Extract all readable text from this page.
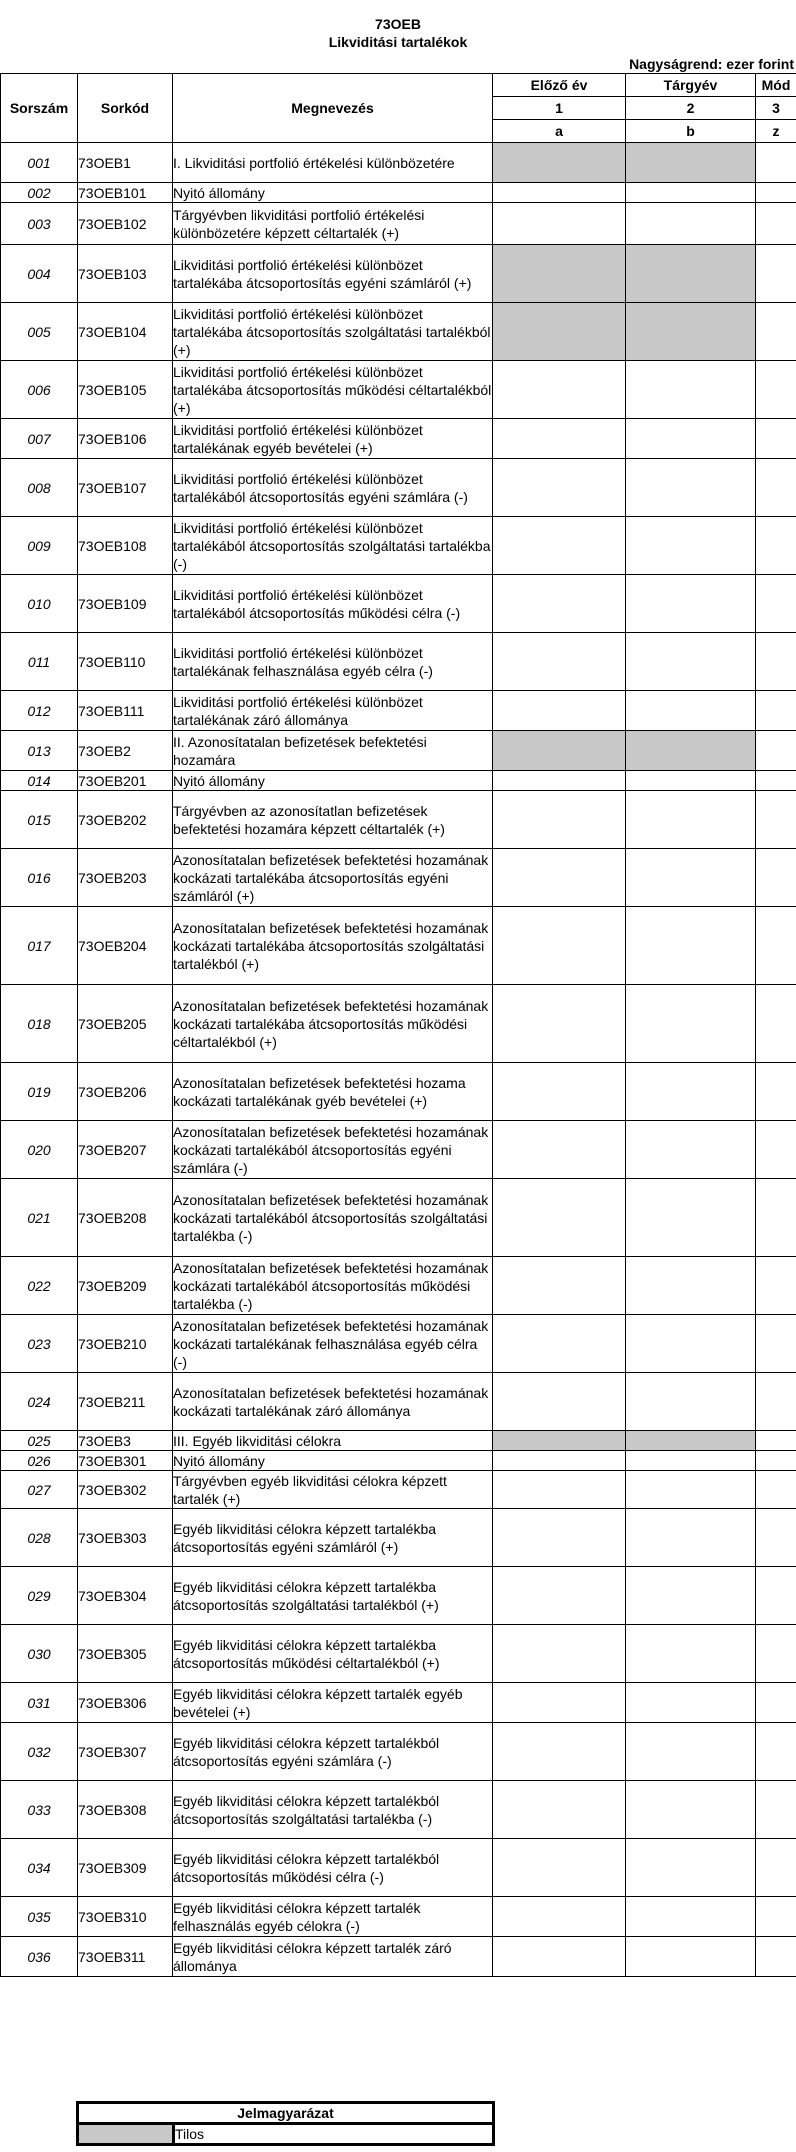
73OEB
Likviditási tartalékok
Nagyságrend: ezer forint
Sorszám	Sorkód	Megnevezés	Előző év	Tárgyév	Mód
			1	2	3
			a	b	z
001	73OEB1	I. Likviditási portfolió értékelési különbözetére			
002	73OEB101	Nyitó állomány			
003	73OEB102	Tárgyévben likviditási portfolió értékelési különbözetére képzett céltartalék (+)			
004	73OEB103	Likviditási portfolió értékelési különbözet tartalékába átcsoportosítás egyéni számláról (+)			
005	73OEB104	Likviditási portfolió értékelési különbözet tartalékába átcsoportosítás szolgáltatási tartalékból (+)			
006	73OEB105	Likviditási portfolió értékelési különbözet tartalékába átcsoportosítás működési céltartalékból (+)			
007	73OEB106	Likviditási portfolió értékelési különbözet tartalékának egyéb bevételei (+)			
008	73OEB107	Likviditási portfolió értékelési különbözet tartalékából átcsoportosítás egyéni számlára (-)			
009	73OEB108	Likviditási portfolió értékelési különbözet tartalékából átcsoportosítás szolgáltatási tartalékba (-)			
010	73OEB109	Likviditási portfolió értékelési különbözet tartalékából átcsoportosítás működési célra (-)			
011	73OEB110	Likviditási portfolió értékelési különbözet tartalékának felhasználása egyéb célra (-)			
012	73OEB111	Likviditási portfolió értékelési különbözet tartalékának záró állománya			
013	73OEB2	II. Azonosítatalan befizetések befektetési hozamára			
014	73OEB201	Nyitó állomány			
015	73OEB202	Tárgyévben az azonosítatlan befizetések befektetési hozamára képzett céltartalék (+)			
016	73OEB203	Azonosítatalan befizetések befektetési hozamának kockázati tartalékába átcsoportosítás egyéni számláról (+)			
017	73OEB204	Azonosítatalan befizetések befektetési hozamának kockázati tartalékába átcsoportosítás szolgáltatási tartalékból (+)			
018	73OEB205	Azonosítatalan befizetések befektetési hozamának kockázati tartalékába átcsoportosítás működési céltartalékból (+)			
019	73OEB206	Azonosítatalan befizetések befektetési hozama kockázati tartalékának gyéb bevételei (+)			
020	73OEB207	Azonosítatalan befizetések befektetési hozamának kockázati tartalékából átcsoportosítás egyéni számlára (-)			
021	73OEB208	Azonosítatalan befizetések befektetési hozamának kockázati tartalékából átcsoportosítás szolgáltatási tartalékba (-)			
022	73OEB209	Azonosítatalan befizetések befektetési hozamának kockázati tartalékából átcsoportosítás működési tartalékba (-)			
023	73OEB210	Azonosítatalan befizetések befektetési hozamának kockázati tartalékának felhasználása egyéb célra (-)			
024	73OEB211	Azonosítatalan befizetések befektetési hozamának kockázati tartalékának záró állománya			
025	73OEB3	III. Egyéb likviditási célokra			
026	73OEB301	Nyitó állomány			
027	73OEB302	Tárgyévben egyéb likviditási célokra képzett tartalék (+)			
028	73OEB303	Egyéb likviditási célokra képzett tartalékba átcsoportosítás egyéni számláról (+)			
029	73OEB304	Egyéb likviditási célokra képzett tartalékba átcsoportosítás szolgáltatási tartalékból (+)			
030	73OEB305	Egyéb likviditási célokra képzett tartalékba átcsoportosítás működési céltartalékból (+)			
031	73OEB306	Egyéb likviditási célokra képzett tartalék egyéb bevételei (+)			
032	73OEB307	Egyéb likviditási célokra képzett tartalékból átcsoportosítás egyéni számlára (-)			
033	73OEB308	Egyéb likviditási célokra képzett tartalékból átcsoportosítás szolgáltatási tartalékba (-)			
034	73OEB309	Egyéb likviditási célokra képzett tartalékból átcsoportosítás működési célra (-)			
035	73OEB310	Egyéb likviditási célokra képzett tartalék felhasználás egyéb célokra (-)			
036	73OEB311	Egyéb likviditási célokra képzett tartalék záró állománya			
Jelmagyarázat
	Tilos
